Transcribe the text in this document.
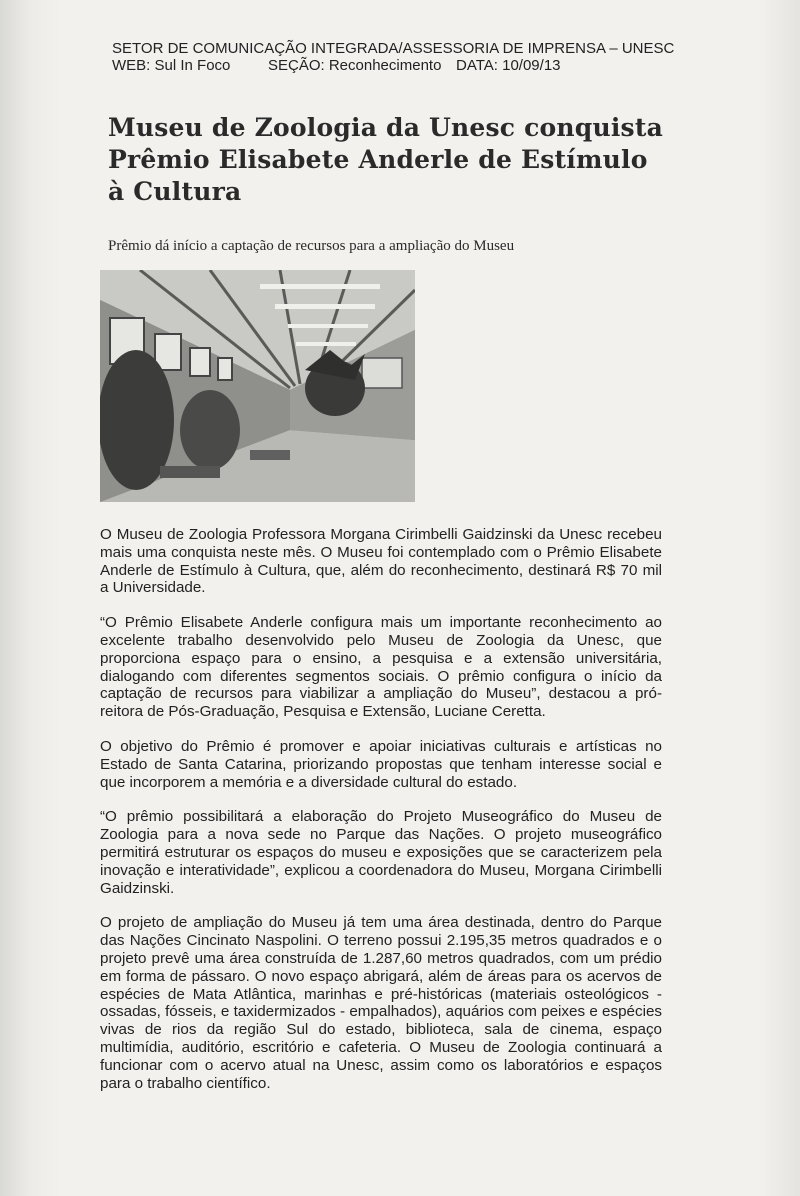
SETOR DE COMUNICAÇÃO INTEGRADA/ASSESSORIA DE IMPRENSA – UNESC
WEB: Sul In Foco	SEÇÃO: Reconhecimento DATA: 10/09/13
Museu de Zoologia da Unesc conquista Prêmio Elisabete Anderle de Estímulo à Cultura
Prêmio dá início a captação de recursos para a ampliação do Museu

O Museu de Zoologia Professora Morgana Cirimbelli Gaidzinski da Unesc recebeu mais uma conquista neste mês. O Museu foi contemplado com o Prêmio Elisabete Anderle de Estímulo à Cultura, que, além do reconhecimento, destinará R$ 70 mil a Universidade.

“O Prêmio Elisabete Anderle configura mais um importante reconhecimento ao excelente trabalho desenvolvido pelo Museu de Zoologia da Unesc, que proporciona espaço para o ensino, a pesquisa e a extensão universitária, dialogando com diferentes segmentos sociais. O prêmio configura o início da captação de recursos para viabilizar a ampliação do Museu”, destacou a pró-reitora de Pós-Graduação, Pesquisa e Extensão, Luciane Ceretta.

O objetivo do Prêmio é promover e apoiar iniciativas culturais e artísticas no Estado de Santa Catarina, priorizando propostas que tenham interesse social e que incorporem a memória e a diversidade cultural do estado.

“O prêmio possibilitará a elaboração do Projeto Museográfico do Museu de Zoologia para a nova sede no Parque das Nações. O projeto museográfico permitirá estruturar os espaços do museu e exposições que se caracterizem pela inovação e interatividade”, explicou a coordenadora do Museu, Morgana Cirimbelli Gaidzinski.

O projeto de ampliação do Museu já tem uma área destinada, dentro do Parque das Nações Cincinato Naspolini. O terreno possui 2.195,35 metros quadrados e o projeto prevê uma área construída de 1.287,60 metros quadrados, com um prédio em forma de pássaro. O novo espaço abrigará, além de áreas para os acervos de espécies de Mata Atlântica, marinhas e pré-históricas (materiais osteológicos - ossadas, fósseis, e taxidermizados - empalhados), aquários com peixes e espécies vivas de rios da região Sul do estado, biblioteca, sala de cinema, espaço multimídia, auditório, escritório e cafeteria. O Museu de Zoologia continuará a funcionar com o acervo atual na Unesc, assim como os laboratórios e espaços para o trabalho científico.
